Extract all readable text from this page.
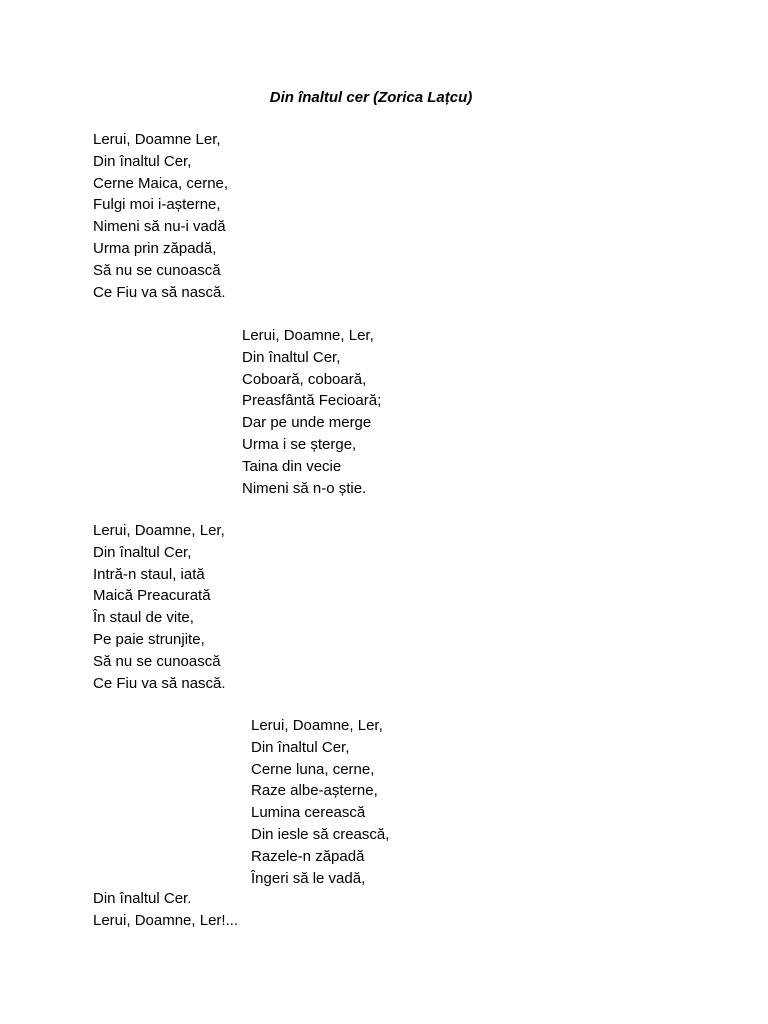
Din înaltul cer (Zorica Lațcu)
Lerui, Doamne Ler,
Din înaltul Cer,
Cerne Maica, cerne,
Fulgi moi i-așterne,
Nimeni să nu-i vadă
Urma prin zăpadă,
Să nu se cunoască
Ce Fiu va să nască.
Lerui, Doamne, Ler,
Din înaltul Cer,
Coboară, coboară,
Preasfântă Fecioară;
Dar pe unde merge
Urma i se șterge,
Taina din vecie
Nimeni să n-o știe.
Lerui, Doamne, Ler,
Din înaltul Cer,
Intră-n staul, iată
Maică Preacurată
În staul de vite,
Pe paie strunjite,
Să nu se cunoască
Ce Fiu va să nască.
Lerui, Doamne, Ler,
Din înaltul Cer,
Cerne luna, cerne,
Raze albe-așterne,
Lumina cerească
Din iesle să crească,
Razele-n zăpadă
Îngeri să le vadă,
Din înaltul Cer.
Lerui, Doamne, Ler!...
